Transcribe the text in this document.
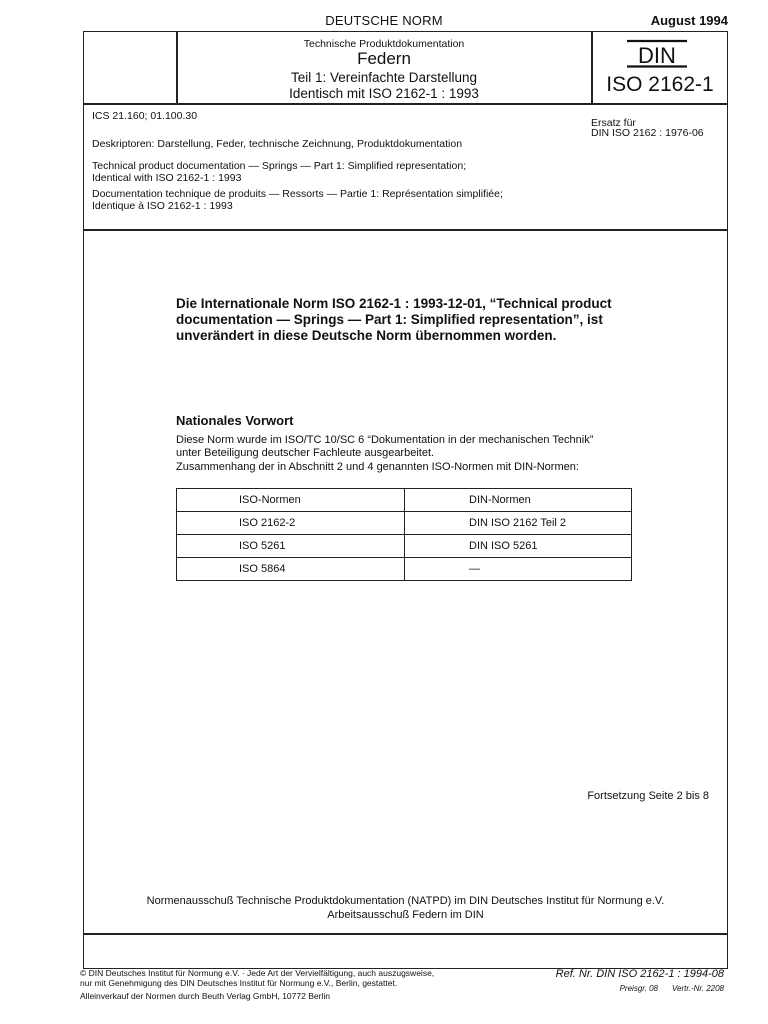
DEUTSCHE NORM	August 1994
Technische Produktdokumentation
Federn
Teil 1: Vereinfachte Darstellung
Identisch mit ISO 2162-1 : 1993
DIN
ISO 2162-1
ICS 21.160; 01.100.30
Ersatz für
DIN ISO 2162 : 1976-06
Deskriptoren: Darstellung, Feder, technische Zeichnung, Produktdokumentation
Technical product documentation — Springs — Part 1: Simplified representation;
Identical with ISO 2162-1 : 1993
Documentation technique de produits — Ressorts — Partie 1: Représentation simplifiée;
Identique à ISO 2162-1 : 1993
Die Internationale Norm ISO 2162-1 : 1993-12-01, “Technical product documentation — Springs — Part 1: Simplified representation”, ist unverändert in diese Deutsche Norm übernommen worden.
Nationales Vorwort
Diese Norm wurde im ISO/TC 10/SC 6 “Dokumentation in der mechanischen Technik”
unter Beteiligung deutscher Fachleute ausgearbeitet.
Zusammenhang der in Abschnitt 2 und 4 genannten ISO-Normen mit DIN-Normen:
ISO-Normen	DIN-Normen
ISO 2162-2	DIN ISO 2162 Teil 2
ISO 5261	DIN ISO 5261
ISO 5864	—
Fortsetzung Seite 2 bis 8
Normenausschuß Technische Produktdokumentation (NATPD) im DIN Deutsches Institut für Normung e.V.
Arbeitsausschuß Federn im DIN
© DIN Deutsches Institut für Normung e.V. · Jede Art der Vervielfältigung, auch auszugsweise,
nur mit Genehmigung des DIN Deutsches Institut für Normung e.V., Berlin, gestattet.
Alleinverkauf der Normen durch Beuth Verlag GmbH, 10772 Berlin
Ref. Nr. DIN ISO 2162-1 : 1994-08
Preisgr. 08 Vertr.-Nr. 2208
